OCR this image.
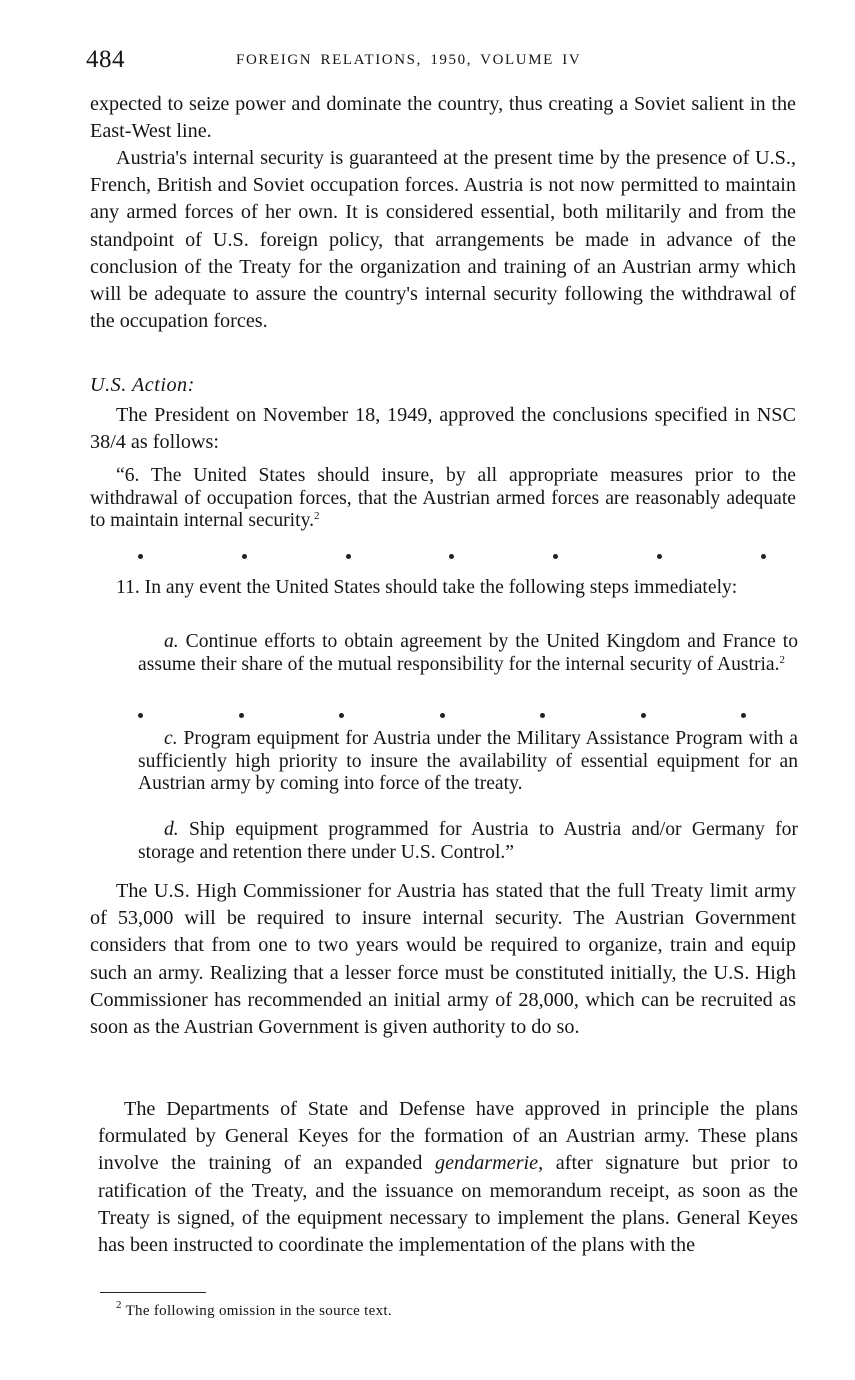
484	FOREIGN RELATIONS, 1950, VOLUME IV

expected to seize power and dominate the country, thus creating a Soviet salient in the East-West line.

Austria's internal security is guaranteed at the present time by the presence of U.S., French, British and Soviet occupation forces. Austria is not now permitted to maintain any armed forces of her own. It is considered essential, both militarily and from the standpoint of U.S. foreign policy, that arrangements be made in advance of the conclusion of the Treaty for the organization and training of an Austrian army which will be adequate to assure the country's internal security following the withdrawal of the occupation forces.

U.S. Action:

The President on November 18, 1949, approved the conclusions specified in NSC 38/4 as follows:

“6. The United States should insure, by all appropriate measures prior to the withdrawal of occupation forces, that the Austrian armed forces are reasonably adequate to maintain internal security.$^2$

11. In any event the United States should take the following steps immediately:

a. Continue efforts to obtain agreement by the United Kingdom and France to assume their share of the mutual responsibility for the internal security of Austria.$^2$

c. Program equipment for Austria under the Military Assistance Program with a sufficiently high priority to insure the availability of essential equipment for an Austrian army by coming into force of the treaty.

d. Ship equipment programmed for Austria to Austria and/or Germany for storage and retention there under U.S. Control.”

The U.S. High Commissioner for Austria has stated that the full Treaty limit army of 53,000 will be required to insure internal security. The Austrian Government considers that from one to two years would be required to organize, train and equip such an army. Realizing that a lesser force must be constituted initially, the U.S. High Commissioner has recommended an initial army of 28,000, which can be recruited as soon as the Austrian Government is given authority to do so.

The Departments of State and Defense have approved in principle the plans formulated by General Keyes for the formation of an Austrian army. These plans involve the training of an expanded gendarmerie, after signature but prior to ratification of the Treaty, and the issuance on memorandum receipt, as soon as the Treaty is signed, of the equipment necessary to implement the plans. General Keyes has been instructed to coordinate the implementation of the plans with the

$^2$ The following omission in the source text.
